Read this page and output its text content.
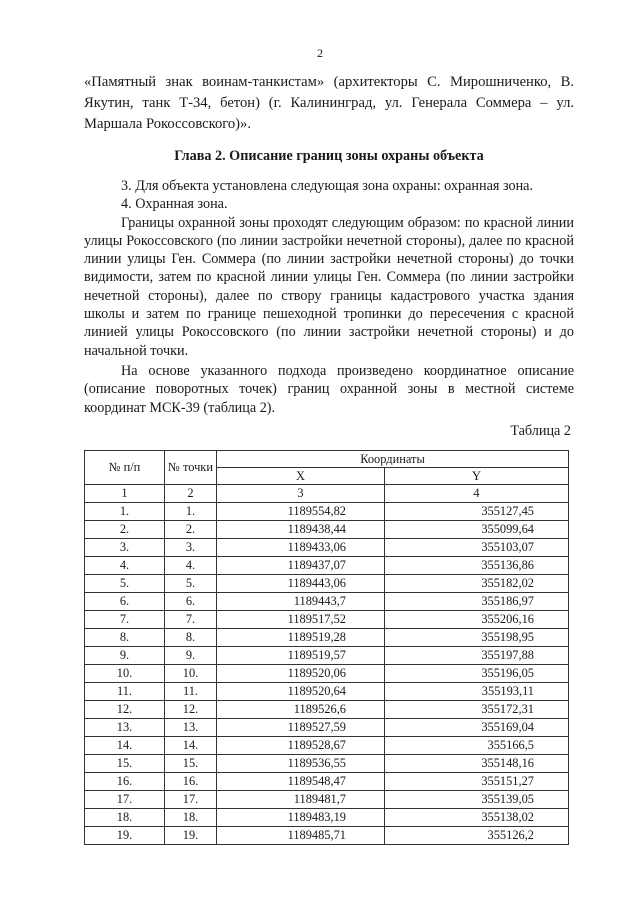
2
«Памятный знак воинам-танкистам» (архитекторы С. Мирошниченко, В. Якутин, танк Т-34, бетон) (г. Калининград, ул. Генерала Соммера – ул. Маршала Рокоссовского)».
Глава 2. Описание границ зоны охраны объекта

3. Для объекта установлена следующая зона охраны: охранная зона.

4. Охранная зона.

Границы охранной зоны проходят следующим образом: по красной линии улицы Рокоссовского (по линии застройки нечетной стороны), далее по красной линии улицы Ген. Соммера (по линии застройки нечетной стороны) до точки видимости, затем по красной линии улицы Ген. Соммера (по линии застройки нечетной стороны), далее по створу границы кадастрового участка здания школы и затем по границе пешеходной тропинки до пересечения с красной линией улицы Рокоссовского (по линии застройки нечетной стороны) и до начальной точки.

На основе указанного подхода произведено координатное описание (описание поворотных точек) границ охранной зоны в местной системе координат МСК-39 (таблица 2).

Таблица 2
№ п/п	№ точки	Координаты	
		X	Y
1	2	3	4
1.	1.	1189554,82	355127,45
2.	2.	1189438,44	355099,64
3.	3.	1189433,06	355103,07
4.	4.	1189437,07	355136,86
5.	5.	1189443,06	355182,02
6.	6.	1189443,7	355186,97
7.	7.	1189517,52	355206,16
8.	8.	1189519,28	355198,95
9.	9.	1189519,57	355197,88
10.	10.	1189520,06	355196,05
11.	11.	1189520,64	355193,11
12.	12.	1189526,6	355172,31
13.	13.	1189527,59	355169,04
14.	14.	1189528,67	355166,5
15.	15.	1189536,55	355148,16
16.	16.	1189548,47	355151,27
17.	17.	1189481,7	355139,05
18.	18.	1189483,19	355138,02
19.	19.	1189485,71	355126,2
